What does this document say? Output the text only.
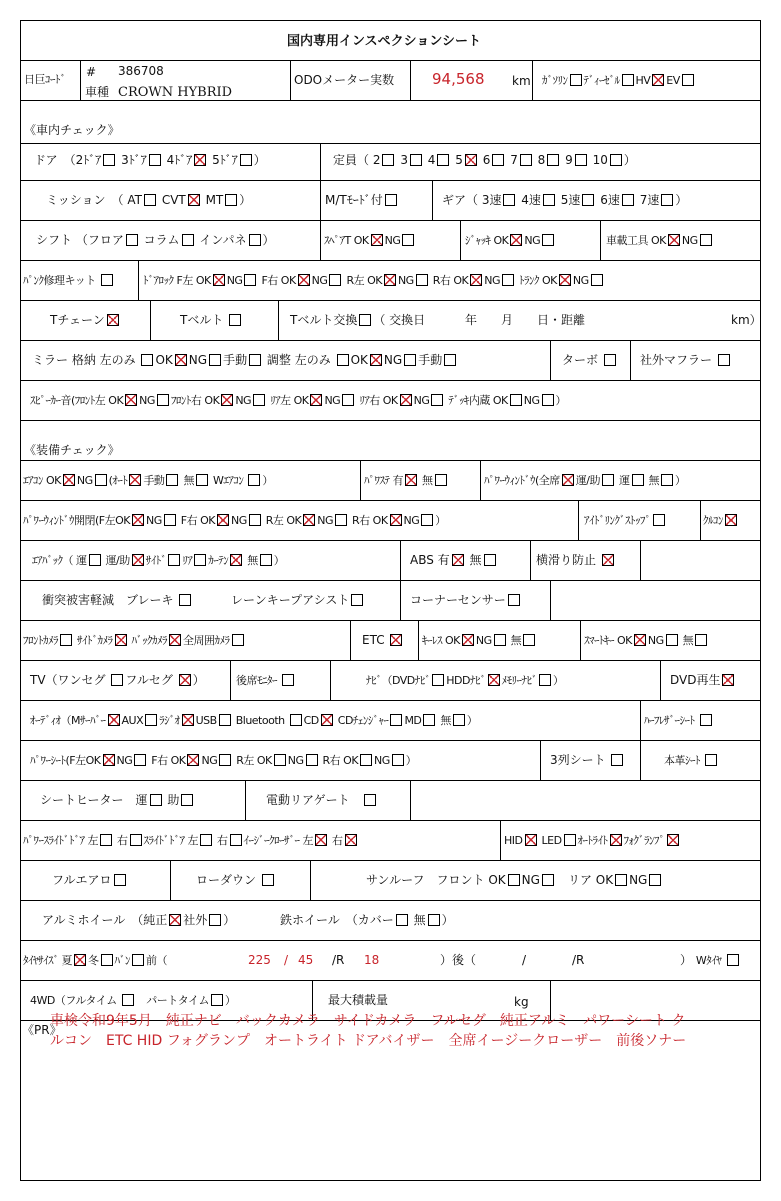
国内専用インスペクションシート
日巨ｺｰﾄﾞ
# 386708
車種 CROWN HYBRID
ODOメーター実数	94,568 km ｶﾞｿﾘﾝ ﾃﾞｨｰｾﾞﾙ HV EV
《車内チェック》
ドア　 （2ﾄﾞｱ 3ﾄﾞｱ 4ﾄﾞｱ 5ﾄﾞｱ ）	定員（ 2 3 4 5 6 7 8 9 10 ）
ミッション　 （ AT CVT MT ）	M/Tﾓｰﾄﾞ付	ギア（ 3速 4速 5速 6速 7速 ）
シフト （フロア コラム インパネ ）	ｽﾍﾟｱT OK NG	ｼﾞｬｯｷ OK NG	車載工具 OK NG
ﾊﾟﾝｸ修理キット	ﾄﾞｱﾛｯｸ F左 OK NG F右 OK NG R左 OK NG R右 OK NG ﾄﾗﾝｸ OK NG
Tチェーン	Tベルト	Tベルト交換 （ 交換日　　　 年　　月　　日・距離	km）
ミラー 格納 左のみ OK NG 手動 調整 左のみ OK NG 手動	ターボ	社外マフラー
ｽﾋﾟｰｶｰ音(ﾌﾛﾝﾄ左 OK NG ﾌﾛﾝﾄ右 OK NG ﾘｱ左 OK NG ﾘｱ右 OK NG ﾃﾞｯｷ内蔵 OK NG ）
《装備チェック》
ｴｱｺﾝ OK NG (ｵｰﾄ 手動 無 Wｴｱｺﾝ ）	ﾊﾟﾜｽﾃ 有 無	ﾊﾟﾜｰｳｨﾝﾄﾞｳ(全席 運/助 運 無 ）
ﾊﾟﾜｰｳｨﾝﾄﾞｳ開閉(F左OK NG F右 OK NG R左 OK NG R右 OK NG ）	ｱｲﾄﾞﾘﾝｸﾞｽﾄｯﾌﾟ	ｸﾙｺﾝ
ｴｱﾊﾞｯｸ（ 運 運/助 ｻｲﾄﾞ ﾘｱ ｶｰﾃﾝ 無 ）	ABS 有 無	横滑り防止
衝突被害軽減　ブレーキ	レーンキープアシスト	コーナーセンサー
ﾌﾛﾝﾄｶﾒﾗ ｻｲﾄﾞｶﾒﾗ ﾊﾞｯｸｶﾒﾗ 全周囲ｶﾒﾗ	ETC	ｷｰﾚｽ OK NG 無	ｽﾏｰﾄｷｰ OK NG 無
TV（ワンセグ フルセグ ）	後席ﾓﾆﾀｰ	ﾅﾋﾞ（DVDﾅﾋﾞ HDDﾅﾋﾞ ﾒﾓﾘｰﾅﾋﾞ ）	DVD再生
ｵｰﾃﾞｨｵ（Mｻｰﾊﾞｰ AUX ﾗｼﾞｵ USB Bluetooth CD CDﾁｪﾝｼﾞｬｰ MD 無 ）	ﾊｰﾌﾚｻﾞｰｼｰﾄ
ﾊﾟﾜｰｼｰﾄ(F左OK NG F右 OK NG R左 OK NG R右 OK NG ）	3列シート	本革ｼｰﾄ
シートヒーター　運 助	電動リアゲート　
ﾊﾟﾜｰｽﾗｲﾄﾞﾄﾞｱ 左 右 ｽﾗｲﾄﾞﾄﾞｱ 左 右 ｲｰｼﾞｰｸﾛｰｻﾞｰ 左 右	HID LED ｵｰﾄﾗｲﾄ ﾌｫｸﾞﾗﾝﾌﾟ
フルエアロ	ローダウン	サンルーフ　フロント OK NG　 リア OK NG
アルミホイール　（純正 社外 ）	鉄ホイール　（カバー 無 ）
ﾀｲﾔｻｲｽﾞ 夏 冬 ﾊﾞﾝ 前（	225 / 45 /R 18	）後（	/	/R	） Wﾀｲﾔ
4WD（フルタイム 　	パートタイム ）	最大積載量	kg
《PR》
車検令和9年5月　純正ナビ　バックカメラ　サイドカメラ　フルセグ　純正アルミ　パワーシート クルコン　ETC HID フォグランプ　オートライト ドアバイザー　全席イージークローザー　前後ソナー
